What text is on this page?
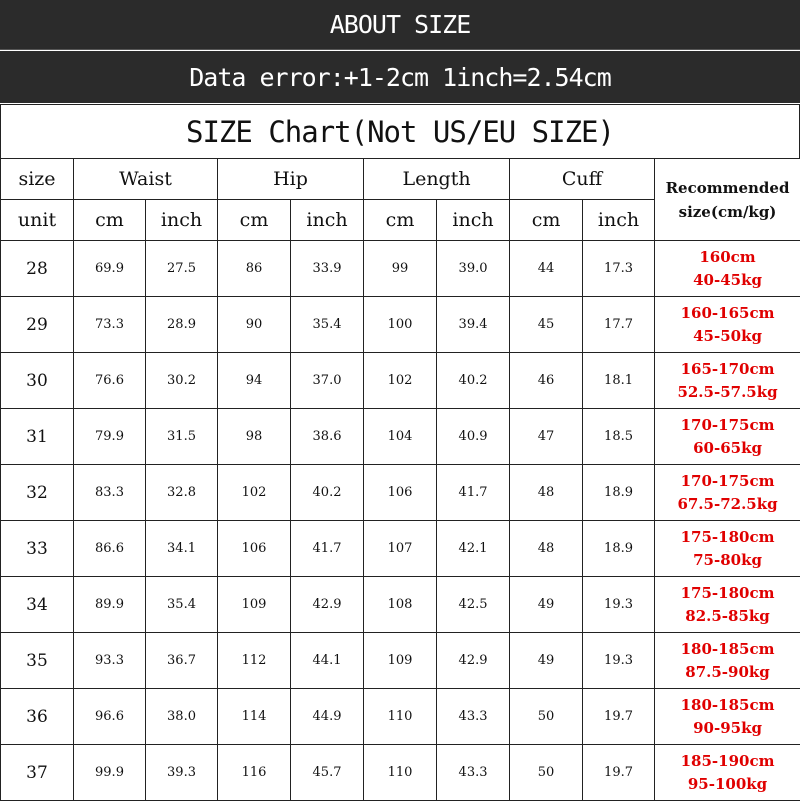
ABOUT SIZE
Data error:+1-2cm 1inch=2.54cm
SIZE Chart(Not US/EU SIZE)
size	Waist		Hip		Length		Cuff		Recommended
size(cm/kg)

unit	cm	inch	cm	inch	cm	inch	cm	inch	
28	69.9	27.5	86	33.9	99	39.0	44	17.3	160cm
40-45kg

29	73.3	28.9	90	35.4	100	39.4	45	17.7	160-165cm
45-50kg

30	76.6	30.2	94	37.0	102	40.2	46	18.1	165-170cm
52.5-57.5kg

31	79.9	31.5	98	38.6	104	40.9	47	18.5	170-175cm
60-65kg

32	83.3	32.8	102	40.2	106	41.7	48	18.9	170-175cm
67.5-72.5kg

33	86.6	34.1	106	41.7	107	42.1	48	18.9	175-180cm
75-80kg

34	89.9	35.4	109	42.9	108	42.5	49	19.3	175-180cm
82.5-85kg

35	93.3	36.7	112	44.1	109	42.9	49	19.3	180-185cm
87.5-90kg

36	96.6	38.0	114	44.9	110	43.3	50	19.7	180-185cm
90-95kg

37	99.9	39.3	116	45.7	110	43.3	50	19.7	185-190cm
95-100kg
